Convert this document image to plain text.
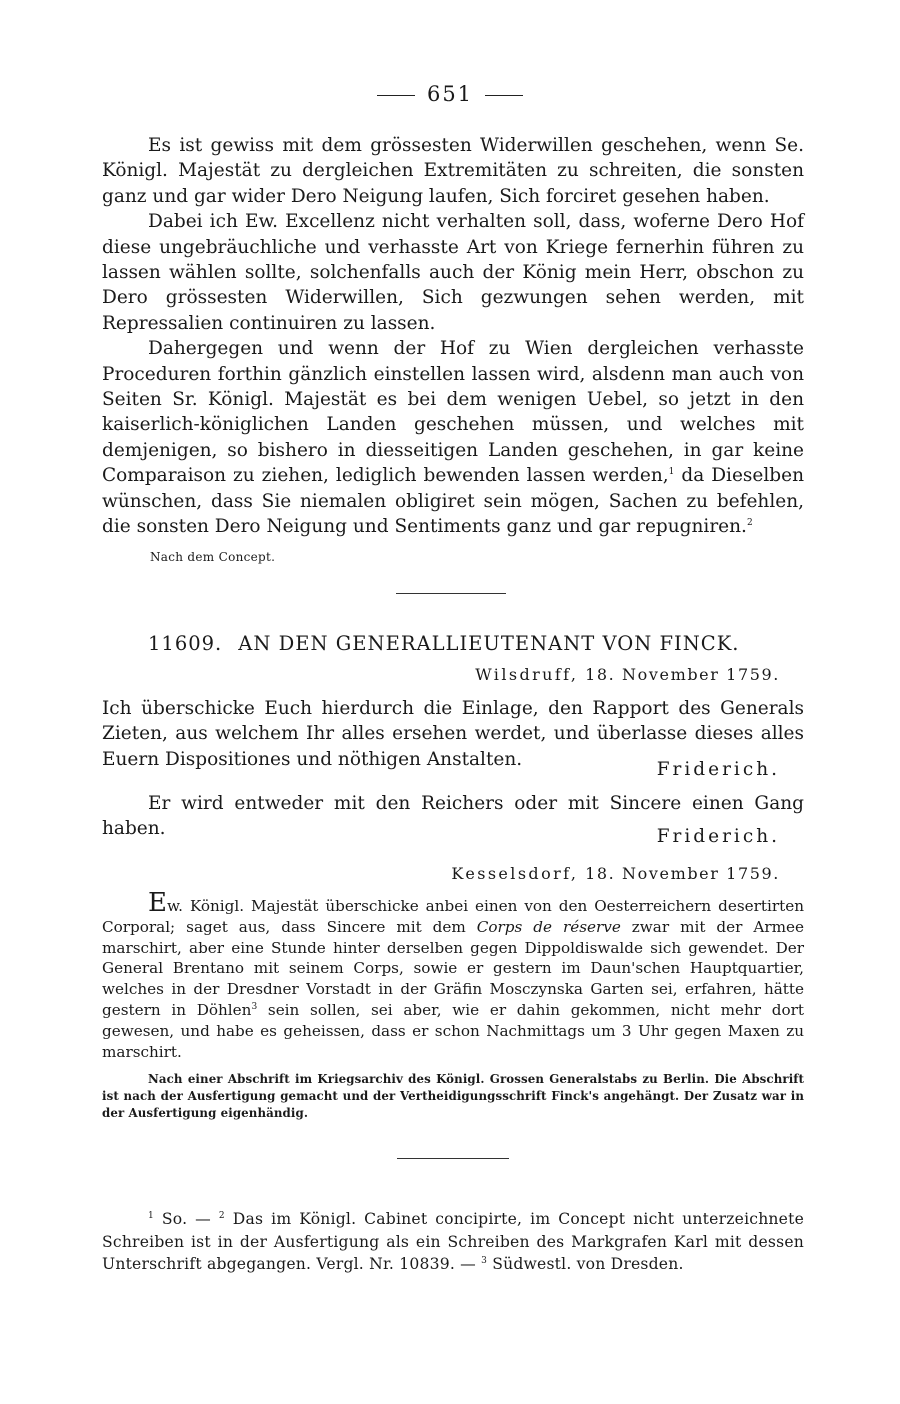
651

Es ist gewiss mit dem grössesten Widerwillen geschehen, wenn Se. Königl. Majestät zu dergleichen Extremitäten zu schreiten, die sonsten ganz und gar wider Dero Neigung laufen, Sich forciret gesehen haben.

Dabei ich Ew. Excellenz nicht verhalten soll, dass, woferne Dero Hof diese ungebräuchliche und verhasste Art von Kriege fernerhin führen zu lassen wählen sollte, solchenfalls auch der König mein Herr, obschon zu Dero grössesten Widerwillen, Sich gezwungen sehen werden, mit Repressalien continuiren zu lassen.

Dahergegen und wenn der Hof zu Wien dergleichen verhasste Proceduren forthin gänzlich einstellen lassen wird, alsdenn man auch von Seiten Sr. Königl. Majestät es bei dem wenigen Uebel, so jetzt in den kaiserlich-königlichen Landen geschehen müssen, und welches mit demjenigen, so bishero in diesseitigen Landen geschehen, in gar keine Comparaison zu ziehen, lediglich bewenden lassen werden,$^1$ da Dieselben wünschen, dass Sie niemalen obligiret sein mögen, Sachen zu befehlen, die sonsten Dero Neigung und Sentiments ganz und gar repugniren.$^2$

Nach dem Concept.
11609. AN DEN GENERALLIEUTENANT VON FINCK.
Wilsdruff, 18. November 1759.

Ich überschicke Euch hierdurch die Einlage, den Rapport des Generals Zieten, aus welchem Ihr alles ersehen werdet, und überlasse dieses alles Euern Dispositiones und nöthigen Anstalten.	Friderich.

Er wird entweder mit den Reichers oder mit Sincere einen Gang haben.	Friderich.
Kesselsdorf, 18. November 1759.

Ew. Königl. Majestät überschicke anbei einen von den Oesterreichern desertirten Corporal; saget aus, dass Sincere mit dem Corps de réserve zwar mit der Armee marschirt, aber eine Stunde hinter derselben gegen Dippoldiswalde sich gewendet. Der General Brentano mit seinem Corps, sowie er gestern im Daun'schen Hauptquartier, welches in der Dresdner Vorstadt in der Gräfin Mosczynska Garten sei, erfahren, hätte gestern in Döhlen$^3$ sein sollen, sei aber, wie er dahin gekommen, nicht mehr dort gewesen, und habe es geheissen, dass er schon Nachmittags um 3 Uhr gegen Maxen zu marschirt.

Nach einer Abschrift im Kriegsarchiv des Königl. Grossen Generalstabs zu Berlin. Die Abschrift ist nach der Ausfertigung gemacht und der Vertheidigungsschrift Finck's angehängt. Der Zusatz war in der Ausfertigung eigenhändig.

$^1$ So. — $^2$ Das im Königl. Cabinet concipirte, im Concept nicht unterzeichnete Schreiben ist in der Ausfertigung als ein Schreiben des Markgrafen Karl mit dessen Unterschrift abgegangen. Vergl. Nr. 10839. — $^3$ Südwestl. von Dresden.
